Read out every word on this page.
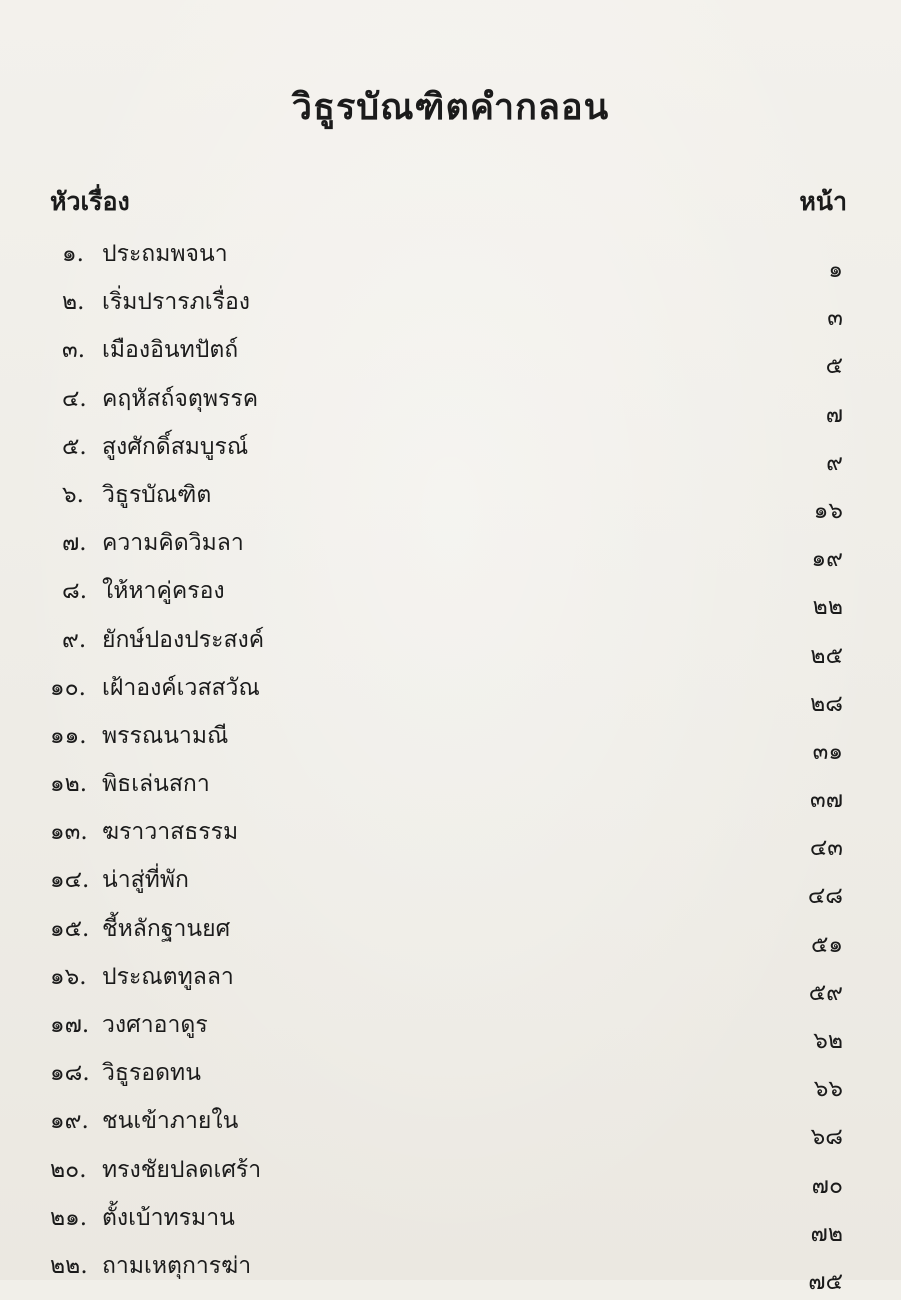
วิธูรบัณฑิตคำกลอน
หัวเรื่อง	หน้า
๑. ประถมพจนา
๑
๒. เริ่มปรารภเรื่อง
๓
๓. เมืองอินทปัตถ์
๕
๔. คฤหัสถ์จตุพรรค
๗
๕. สูงศักดิ์สมบูรณ์
๙
๖. วิธูรบัณฑิต
๑๖
๗. ความคิดวิมลา
๑๙
๘. ให้หาคู่ครอง
๒๒
๙. ยักษ์ปองประสงค์
๒๕
๑๐. เฝ้าองค์เวสสวัณ
๒๘
๑๑. พรรณนามณี
๓๑
๑๒. พิธเล่นสกา
๓๗
๑๓. ฆราวาสธรรม
๔๓
๑๔. น่าสู่ที่พัก
๔๘
๑๕. ชี้หลักฐานยศ
๕๑
๑๖. ประณตทูลลา
๕๙
๑๗. วงศาอาดูร
๖๒
๑๘. วิธูรอดทน
๖๖
๑๙. ชนเข้าภายใน
๖๘
๒๐. ทรงชัยปลดเศร้า
๗๐
๒๑. ตั้งเบ้าทรมาน
๗๒
๒๒. ถามเหตุการฆ่า
๗๕
